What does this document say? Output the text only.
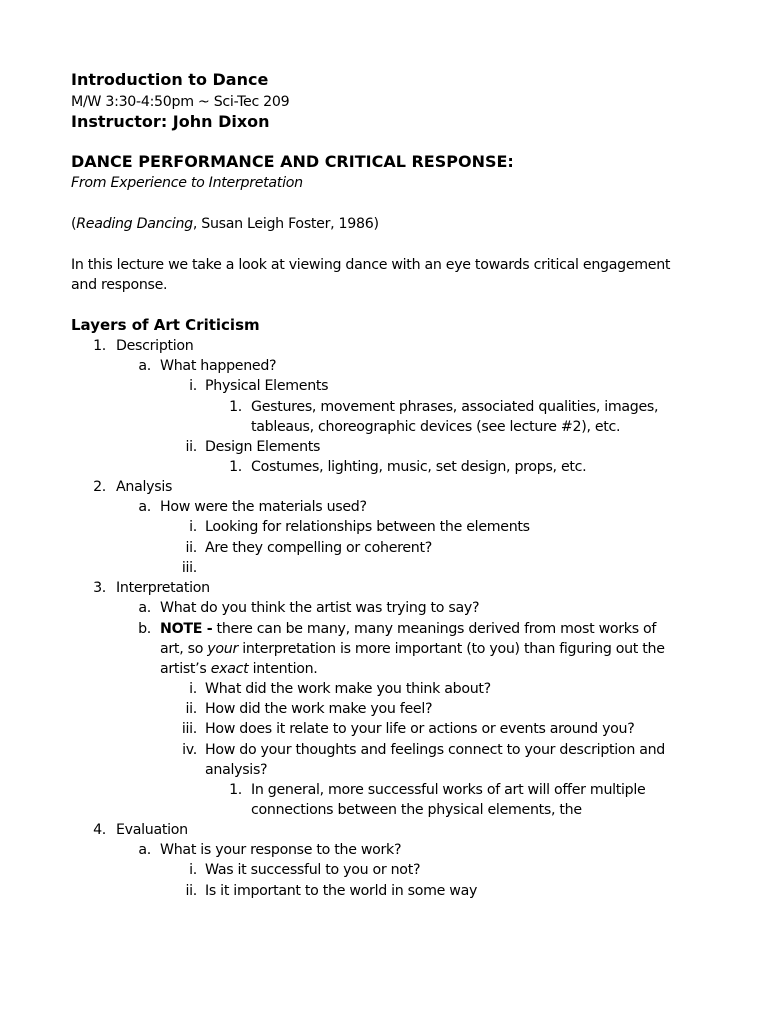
Introduction to Dance
M/W 3:30-4:50pm ~ Sci-Tec 209
Instructor: John Dixon
DANCE PERFORMANCE AND CRITICAL RESPONSE:
From Experience to Interpretation
(Reading Dancing, Susan Leigh Foster, 1986)
In this lecture we take a look at viewing dance with an eye towards critical engagement
and response.
Layers of Art Criticism
1. Description
a. What happened?
i. Physical Elements
1. Gestures, movement phrases, associated qualities, images,
tableaus, choreographic devices (see lecture #2), etc.
ii. Design Elements
1. Costumes, lighting, music, set design, props, etc.
2. Analysis
a. How were the materials used?
i. Looking for relationships between the elements
ii. Are they compelling or coherent?
iii.
3. Interpretation
a. What do you think the artist was trying to say?
b. NOTE - there can be many, many meanings derived from most works of
art, so your interpretation is more important (to you) than figuring out the
artist’s exact intention.
i. What did the work make you think about?
ii. How did the work make you feel?
iii. How does it relate to your life or actions or events around you?
iv. How do your thoughts and feelings connect to your description and
analysis?
1. In general, more successful works of art will offer multiple
connections between the physical elements, the
4. Evaluation
a. What is your response to the work?
i. Was it successful to you or not?
ii. Is it important to the world in some way
